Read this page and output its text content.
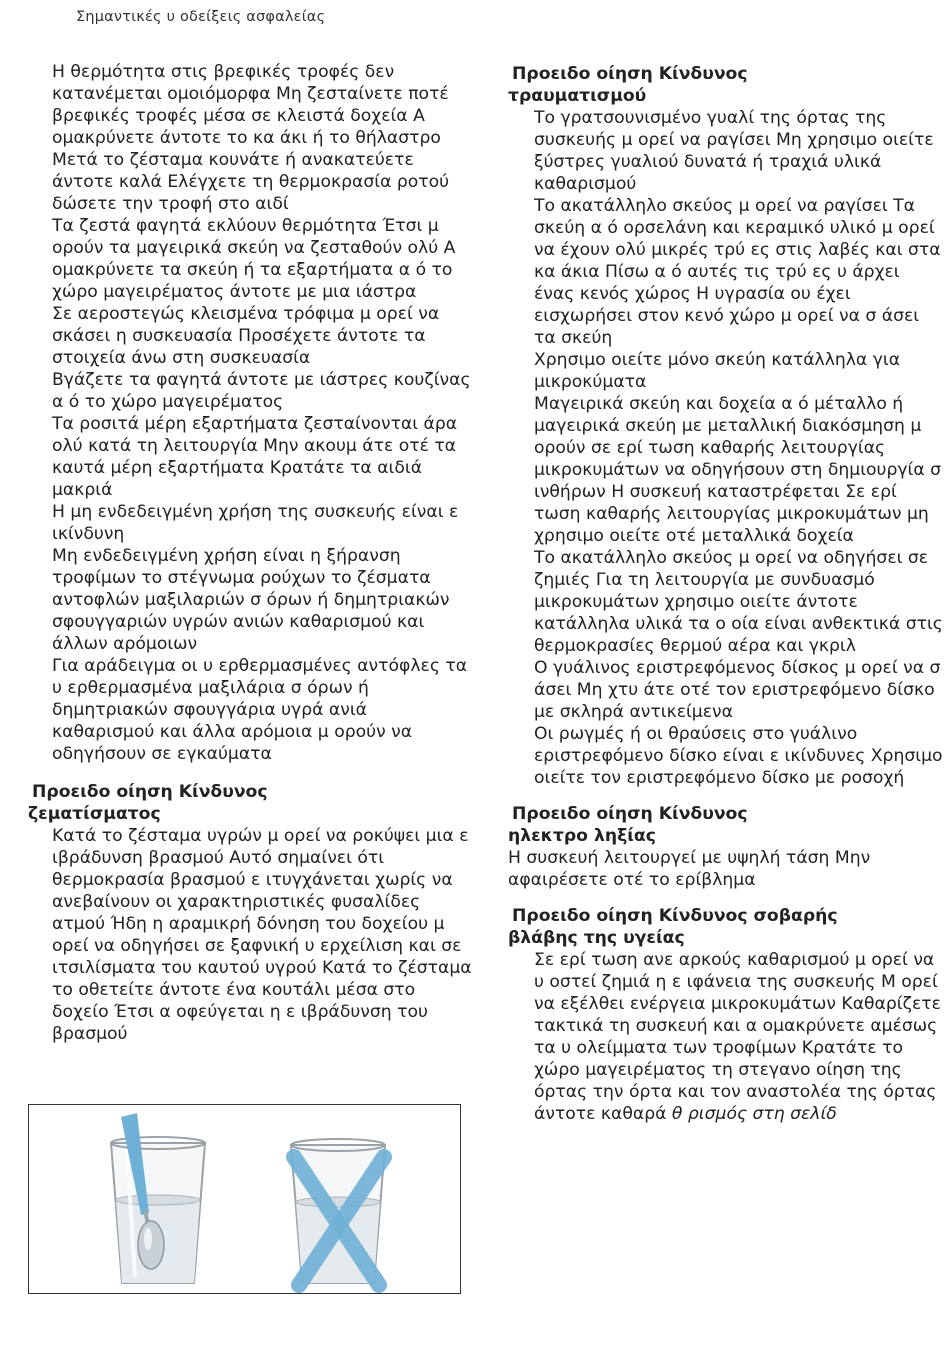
Σημαντικές υ οδείξεις ασφαλείας

Η θερμότητα στις βρεφικές τροφές δεν κατανέμεται ομοιόμορφα Μη ζεσταίνετε ποτέ βρεφικές τροφές μέσα σε κλειστά δοχεία Α ομακρύνετε άντοτε το κα άκι ή το θήλαστρο Μετά το ζέσταμα κουνάτε ή ανακατεύετε άντοτε καλά Ελέγχετε τη θερμοκρασία ροτού δώσετε την τροφή στο αιδί

Τα ζεστά φαγητά εκλύουν θερμότητα Έτσι μ ορούν τα μαγειρικά σκεύη να ζεσταθούν ολύ Α ομακρύνετε τα σκεύη ή τα εξαρτήματα α ό το χώρο μαγειρέματος άντοτε με μια ιάστρα

Σε αεροστεγώς κλεισμένα τρόφιμα μ ορεί να σκάσει η συσκευασία Προσέχετε άντοτε τα στοιχεία άνω στη συσκευασία

Βγάζετε τα φαγητά άντοτε με ιάστρες κουζίνας α ό το χώρο μαγειρέματος

Τα ροσιτά μέρη εξαρτήματα ζεσταίνονται άρα ολύ κατά τη λειτουργία Μην ακουμ άτε οτέ τα καυτά μέρη εξαρτήματα Κρατάτε τα αιδιά μακριά

Η μη ενδεδειγμένη χρήση της συσκευής είναι ε ικίνδυνη

Μη ενδεδειγμένη χρήση είναι η ξήρανση τροφίμων το στέγνωμα ρούχων το ζέσματα αντοφλών μαξιλαριών σ όρων ή δημητριακών σφουγγαριών υγρών ανιών καθαρισμού και άλλων αρόμοιων

Για αράδειγμα οι υ ερθερμασμένες αντόφλες τα υ ερθερμασμένα μαξιλάρια σ όρων ή δημητριακών σφουγγάρια υγρά ανιά καθαρισμού και άλλα αρόμοια μ ορούν να οδηγήσουν σε εγκαύματα

Προειδο οίηση Κίνδυνος
ζεματίσματος

Κατά το ζέσταμα υγρών μ ορεί να ροκύψει μια ε ιβράδυνση βρασμού Αυτό σημαίνει ότι θερμοκρασία βρασμού ε ιτυγχάνεται χωρίς να ανεβαίνουν οι χαρακτηριστικές φυσαλίδες ατμού Ήδη η αραμικρή δόνηση του δοχείου μ ορεί να οδηγήσει σε ξαφνική υ ερχείλιση και σε ιτσιλίσματα του καυτού υγρού Κατά το ζέσταμα το οθετείτε άντοτε ένα κουτάλι μέσα στο δοχείο Έτσι α οφεύγεται η ε ιβράδυνση του βρασμού

Προειδο οίηση Κίνδυνος
τραυματισμού

Το γρατσουνισμένο γυαλί της όρτας της συσκευής μ ορεί να ραγίσει Μη χρησιμο οιείτε ξύστρες γυαλιού δυνατά ή τραχιά υλικά καθαρισμού

Το ακατάλληλο σκεύος μ ορεί να ραγίσει Τα σκεύη α ό ορσελάνη και κεραμικό υλικό μ ορεί να έχουν ολύ μικρές τρύ ες στις λαβές και στα κα άκια Πίσω α ό αυτές τις τρύ ες υ άρχει ένας κενός χώρος Η υγρασία ου έχει εισχωρήσει στον κενό χώρο μ ορεί να σ άσει τα σκεύη

Χρησιμο οιείτε μόνο σκεύη κατάλληλα για μικροκύματα

Μαγειρικά σκεύη και δοχεία α ό μέταλλο ή μαγειρικά σκεύη με μεταλλική διακόσμηση μ ορούν σε ερί τωση καθαρής λειτουργίας μικροκυμάτων να οδηγήσουν στη δημιουργία σ ινθήρων Η συσκευή καταστρέφεται Σε ερί τωση καθαρής λειτουργίας μικροκυμάτων μη χρησιμο οιείτε οτέ μεταλλικά δοχεία

Το ακατάλληλο σκεύος μ ορεί να οδηγήσει σε ζημιές Για τη λειτουργία με συνδυασμό μικροκυμάτων χρησιμο οιείτε άντοτε κατάλληλα υλικά τα ο οία είναι ανθεκτικά στις θερμοκρασίες θερμού αέρα και γκριλ

Ο γυάλινος εριστρεφόμενος δίσκος μ ορεί να σ άσει Μη χτυ άτε οτέ τον εριστρεφόμενο δίσκο με σκληρά αντικείμενα

Οι ρωγμές ή οι θραύσεις στο γυάλινο εριστρεφόμενο δίσκο είναι ε ικίνδυνες Χρησιμο οιείτε τον εριστρεφόμενο δίσκο με ροσοχή

Προειδο οίηση Κίνδυνος
ηλεκτρο ληξίας

Η συσκευή λειτουργεί με υψηλή τάση Μην αφαιρέσετε οτέ το ερίβλημα

Προειδο οίηση Κίνδυνος σοβαρής
βλάβης της υγείας

Σε ερί τωση ανε αρκούς καθαρισμού μ ορεί να υ οστεί ζημιά η ε ιφάνεια της συσκευής Μ ορεί να εξέλθει ενέργεια μικροκυμάτων Καθαρίζετε τακτικά τη συσκευή και α ομακρύνετε αμέσως τα υ ολείμματα των τροφίμων Κρατάτε το χώρο μαγειρέματος τη στεγανο οίηση της όρτας την όρτα και τον αναστολέα της όρτας άντοτε καθαρά θ ρισμός στη σελίδ
